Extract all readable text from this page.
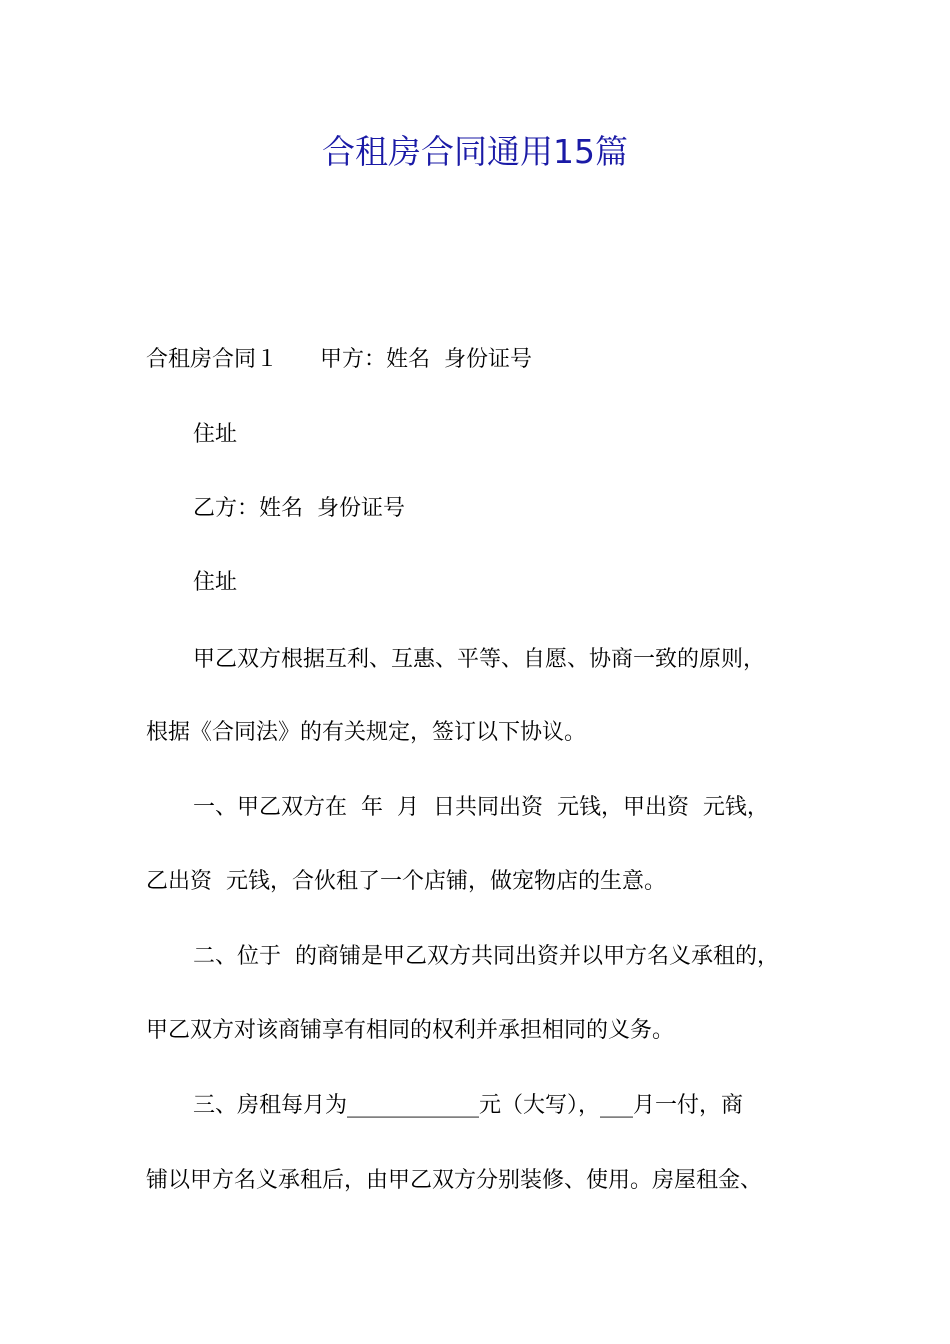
合租房合同通用15篇
合租房合同１      甲方：姓名  身份证号
住址
乙方：姓名  身份证号
住址
甲乙双方根据互利、互惠、平等、自愿、协商一致的原则，
根据《合同法》的有关规定，签订以下协议。
一、甲乙双方在  年  月  日共同出资  元钱，甲出资  元钱，
乙出资  元钱，合伙租了一个店铺，做宠物店的生意。
二、位于  的商铺是甲乙双方共同出资并以甲方名义承租的，
甲乙双方对该商铺享有相同的权利并承担相同的义务。
三、房租每月为____________元（大写），___月一付，商
铺以甲方名义承租后，由甲乙双方分别装修、使用。房屋租金、
